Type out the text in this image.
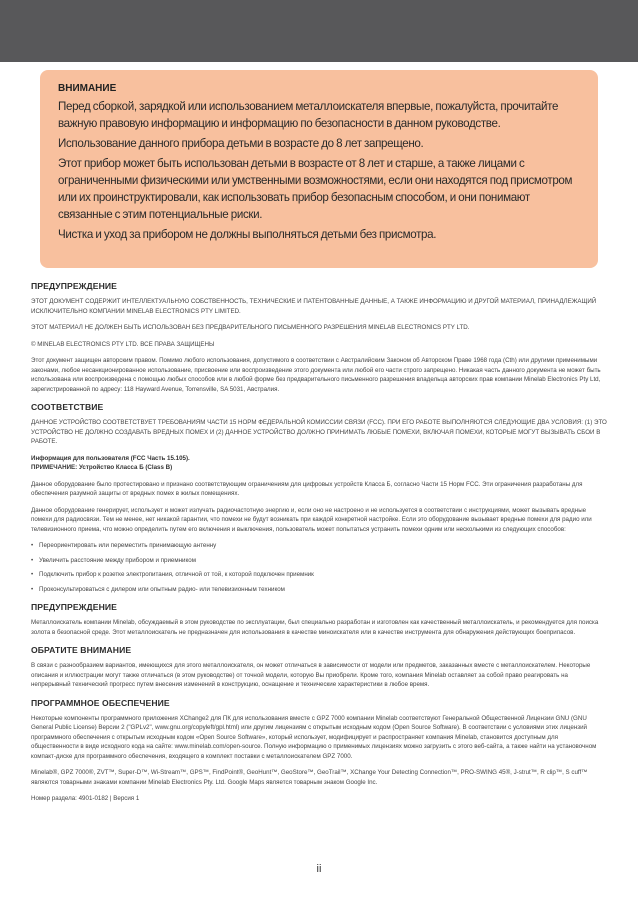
ВНИМАНИЕ

Перед сборкой, зарядкой или использованием металлоискателя впервые, пожалуйста, прочитайте важную правовую информацию и информацию по безопасности в данном руководстве.

Использование данного прибора детьми в возрасте до 8 лет запрещено.

Этот прибор может быть использован детьми в возрасте от 8 лет и старше, а также лицами с ограниченными физическими или умственными возможностями, если они находятся под присмотром или их проинструктировали, как использовать прибор безопасным способом, и они понимают связанные с этим потенциальные риски.

Чистка и уход за прибором не должны выполняться детьми без присмотра.

ПРЕДУПРЕЖДЕНИЕ

ЭТОТ ДОКУМЕНТ СОДЕРЖИТ ИНТЕЛЛЕКТУАЛЬНУЮ СОБСТВЕННОСТЬ, ТЕХНИЧЕСКИЕ И ПАТЕНТОВАННЫЕ ДАННЫЕ, А ТАКЖЕ ИНФОРМАЦИЮ И ДРУГОЙ МАТЕРИАЛ, ПРИНАДЛЕЖАЩИЙ ИСКЛЮЧИТЕЛЬНО КОМПАНИИ MINELAB ELECTRONICS PTY LIMITED.

ЭТОТ МАТЕРИАЛ НЕ ДОЛЖЕН БЫТЬ ИСПОЛЬЗОВАН БЕЗ ПРЕДВАРИТЕЛЬНОГО ПИСЬМЕННОГО РАЗРЕШЕНИЯ MINELAB ELECTRONICS PTY LTD.

© MINELAB ELECTRONICS PTY LTD. ВСЕ ПРАВА ЗАЩИЩЕНЫ

Этот документ защищен авторским правом. Помимо любого использования, допустимого в соответствии с Австралийским Законом об Авторском Праве 1968 года (Cth) или другими применимыми законами, любое несанкционированное использование, присвоение или воспроизведение этого документа или любой его части строго запрещено. Никакая часть данного документа не может быть использована или воспроизведена с помощью любых способов или в любой форме без предварительного письменного разрешения владельца авторских прав компании Minelab Electronics Pty Ltd, зарегистрированной по адресу: 118 Hayward Avenue, Torrensville, SA 5031, Австралия.

СООТВЕТСТВИЕ

ДАННОЕ УСТРОЙСТВО СООТВЕТСТВУЕТ ТРЕБОВАНИЯМ ЧАСТИ 15 НОРМ ФЕДЕРАЛЬНОЙ КОМИССИИ СВЯЗИ (FCC). ПРИ ЕГО РАБОТЕ ВЫПОЛНЯЮТСЯ СЛЕДУЮЩИЕ ДВА УСЛОВИЯ: (1) ЭТО УСТРОЙСТВО НЕ ДОЛЖНО СОЗДАВАТЬ ВРЕДНЫХ ПОМЕХ И (2) ДАННОЕ УСТРОЙСТВО ДОЛЖНО ПРИНИМАТЬ ЛЮБЫЕ ПОМЕХИ, ВКЛЮЧАЯ ПОМЕХИ, КОТОРЫЕ МОГУТ ВЫЗЫВАТЬ СБОИ В РАБОТЕ.

Информация для пользователя (FCC Часть 15.105).
ПРИМЕЧАНИЕ: Устройство Класса Б (Class B)

Данное оборудование было протестировано и признано соответствующим ограничениям для цифровых устройств Класса Б, согласно Части 15 Норм FCC. Эти ограничения разработаны для обеспечения разумной защиты от вредных помех в жилых помещениях.

Данное оборудование генерирует, использует и может излучать радиочастотную энергию и, если оно не настроено и не используется в соответствии с инструкциями, может вызывать вредные помехи для радиосвязи. Тем не менее, нет никакой гарантии, что помехи не будут возникать при каждой конкретной настройке. Если это оборудование вызывает вредные помехи для радио или телевизионного приема, что можно определить путем его включения и выключения, пользователь может попытаться устранить помехи одним или несколькими из следующих способов:

• Переориентировать или переместить принимающую антенну
• Увеличить расстояние между прибором и приемником
• Подключить прибор к розетке электропитания, отличной от той, к которой подключен приемник
• Проконсультироваться с дилером или опытным радио- или телевизионным техником
ПРЕДУПРЕЖДЕНИЕ

Металлоискатель компании Minelab, обсуждаемый в этом руководстве по эксплуатации, был специально разработан и изготовлен как качественный металлоискатель, и рекомендуется для поиска золота в безопасной среде. Этот металлоискатель не предназначен для использования в качестве миноискателя или в качестве инструмента для обнаружения действующих боеприпасов.

ОБРАТИТЕ ВНИМАНИЕ

В связи с разнообразием вариантов, имеющихся для этого металлоискателя, он может отличаться в зависимости от модели или предметов, заказанных вместе с металлоискателем. Некоторые описания и иллюстрации могут также отличаться (в этом руководстве) от точной модели, которую Вы приобрели. Кроме того, компания Minelab оставляет за собой право реагировать на непрерывный технический прогресс путем внесения изменений в конструкцию, оснащение и технические характеристики в любое время.

ПРОГРАММНОЕ ОБЕСПЕЧЕНИЕ

Некоторые компоненты программного приложения XChange2 для ПК для использования вместе с GPZ 7000 компании Minelab соответствуют Генеральной Общественной Лицензии GNU (GNU General Public License) Версии 2 ("GPLv2", www.gnu.org/copyleft/gpl.html) или другим лицензиям с открытым исходным кодом (Open Source Software). В соответствии с условиями этих лицензий программного обеспечения с открытым исходным кодом «Open Source Software», который использует, модифицирует и распространяет компания Minelab, становится доступным для общественности в виде исходного кода на сайте: www.minelab.com/open-source. Полную информацию о применимых лицензиях можно загрузить с этого веб-сайта, а также найти на установочном компакт-диске для программного обеспечения, входящего в комплект поставки с металлоискателем GPZ 7000.

Minelab®, GPZ 7000®, ZVT™, Super-D™, Wi-Stream™, GPS™, FindPoint®, GeoHunt™, GeoStore™, GeoTrail™, XChange Your Detecting Connection™, PRO-SWING 45®, J-strut™, R clip™, S cuff™ являются товарными знаками компании Minelab Electronics Pty. Ltd. Google Maps является товарным знаком Google Inc.

Номер раздела: 4901-0182 | Версия 1

ii
